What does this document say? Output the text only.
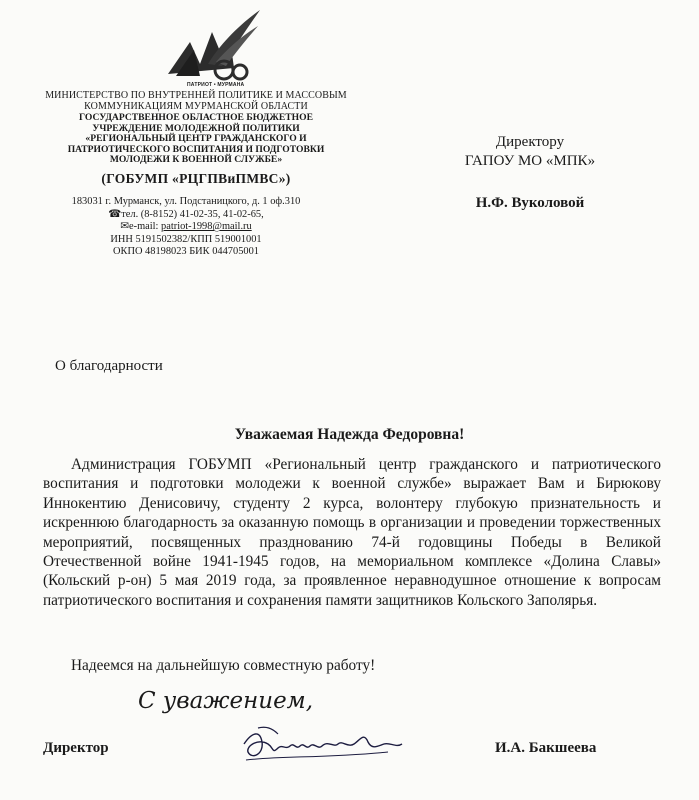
ПАТРИОТ • МУРМАНА
МИНИСТЕРСТВО ПО ВНУТРЕННЕЙ ПОЛИТИКЕ И МАССОВЫМ
КОММУНИКАЦИЯМ МУРМАНСКОЙ ОБЛАСТИ
ГОСУДАРСТВЕННОЕ ОБЛАСТНОЕ БЮДЖЕТНОЕ
УЧРЕЖДЕНИЕ МОЛОДЕЖНОЙ ПОЛИТИКИ
«РЕГИОНАЛЬНЫЙ ЦЕНТР ГРАЖДАНСКОГО И
ПАТРИОТИЧЕСКОГО ВОСПИТАНИЯ И ПОДГОТОВКИ
МОЛОДЕЖИ К ВОЕННОЙ СЛУЖБЕ»
(ГОБУМП «РЦГПВиПМВС»)
183031 г. Мурманск, ул. Подстаницкого, д. 1 оф.310
☎тел. (8-8152) 41-02-35, 41-02-65,
✉e-mail: patriot-1998@mail.ru
ИНН 5191502382/КПП 519001001
ОКПО 48198023 БИК 044705001
Директору
ГАПОУ МО «МПК»
Н.Ф. Вуколовой
О благодарности
Уважаемая Надежда Федоровна!

Администрация ГОБУМП «Региональный центр гражданского и патриотического воспитания и подготовки молодежи к военной службе» выражает Вам и Бирюкову Иннокентию Денисовичу, студенту 2 курса, волонтеру глубокую признательность и искреннюю благодарность за оказанную помощь в организации и проведении торжественных мероприятий, посвященных празднованию 74-й годовщины Победы в Великой Отечественной войне 1941-1945 годов, на мемориальном комплексе «Долина Славы» (Кольский р-он) 5 мая 2019 года, за проявленное неравнодушное отношение к вопросам патриотического воспитания и сохранения памяти защитников Кольского Заполярья.

Надеемся на дальнейшую совместную работу!
С уважением,
Директор	И.А. Бакшеева
